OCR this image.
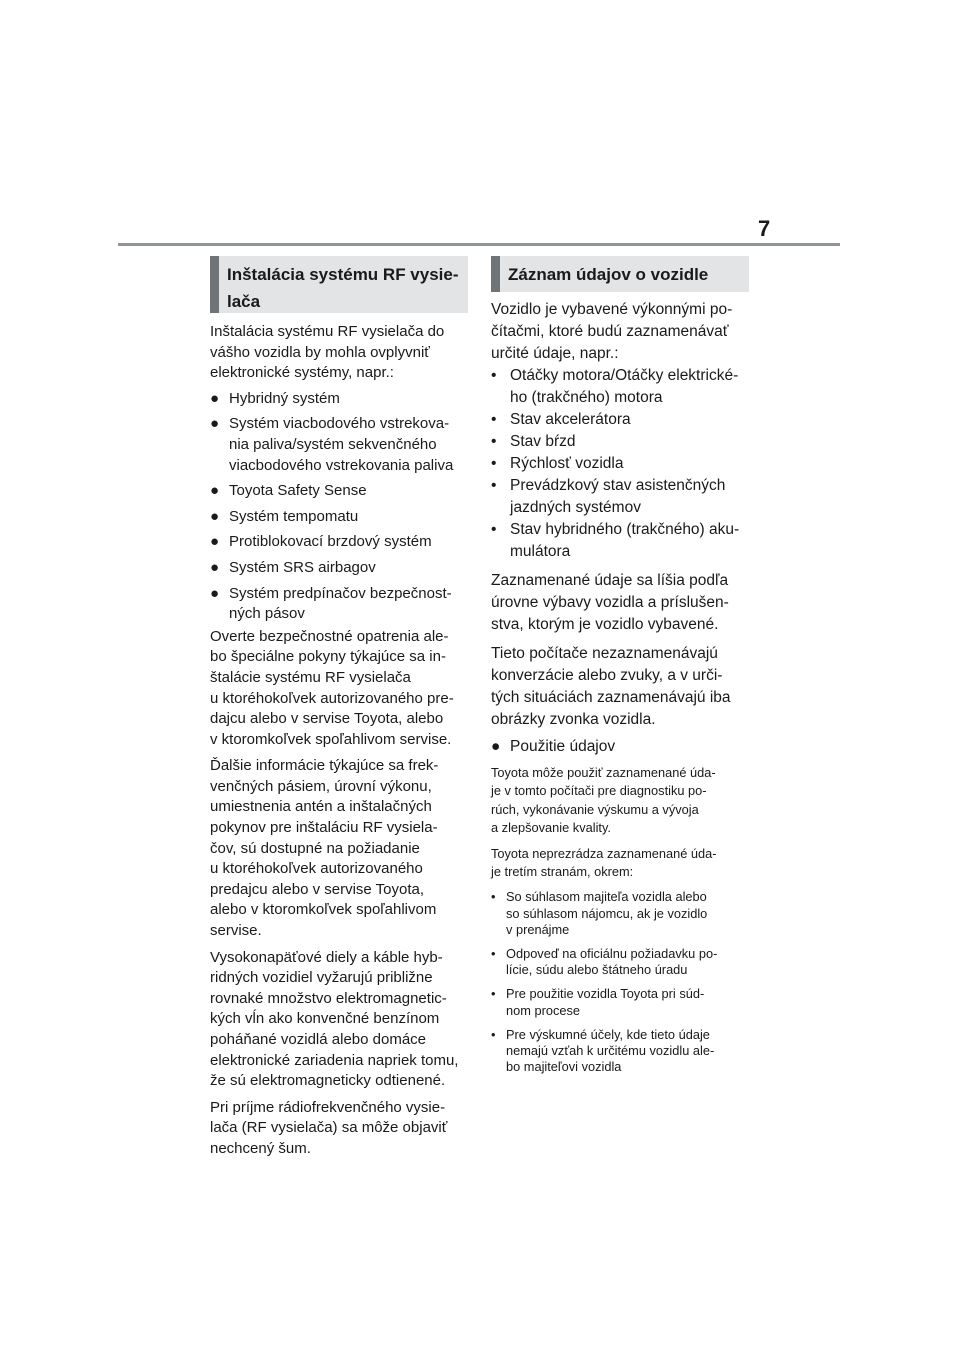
7
Inštalácia systému RF vysie-
lača

Inštalácia systému RF vysielača do

vášho vozidla by mohla ovplyvniť

elektronické systémy, napr.:

● Hybridný systém
● Systém viacbodového vstrekova-
nia paliva/systém sekvenčného
viacbodového vstrekovania paliva
● Toyota Safety Sense
● Systém tempomatu
● Protiblokovací brzdový systém
● Systém SRS airbagov
● Systém predpínačov bezpečnost-
ných pásov

Overte bezpečnostné opatrenia ale-

bo špeciálne pokyny týkajúce sa in-

štalácie systému RF vysielača

u ktoréhokoľvek autorizovaného pre-

dajcu alebo v servise Toyota, alebo

v ktoromkoľvek spoľahlivom servise.

Ďalšie informácie týkajúce sa frek-

venčných pásiem, úrovní výkonu,

umiestnenia antén a inštalačných

pokynov pre inštaláciu RF vysiela-

čov, sú dostupné na požiadanie

u ktoréhokoľvek autorizovaného

predajcu alebo v servise Toyota,

alebo v ktoromkoľvek spoľahlivom

servise.

Vysokonapäťové diely a káble hyb-

ridných vozidiel vyžarujú približne

rovnaké množstvo elektromagnetic-

kých vĺn ako konvenčné benzínom

poháňané vozidlá alebo domáce

elektronické zariadenia napriek tomu,

že sú elektromagneticky odtienené.

Pri príjme rádiofrekvenčného vysie-

lača (RF vysielača) sa môže objaviť

nechcený šum.

Záznam údajov o vozidle

Vozidlo je vybavené výkonnými po-

čítačmi, ktoré budú zaznamenávať

určité údaje, napr.:

• Otáčky motora/Otáčky elektrické-
ho (trakčného) motora
• Stav akcelerátora
• Stav bŕzd
• Rýchlosť vozidla
• Prevádzkový stav asistenčných
jazdných systémov
• Stav hybridného (trakčného) aku-
mulátora

Zaznamenané údaje sa líšia podľa

úrovne výbavy vozidla a príslušen-

stva, ktorým je vozidlo vybavené.

Tieto počítače nezaznamenávajú

konverzácie alebo zvuky, a v urči-

tých situáciách zaznamenávajú iba

obrázky zvonka vozidla.

● Použitie údajov

Toyota môže použiť zaznamenané úda-

je v tomto počítači pre diagnostiku po-

rúch, vykonávanie výskumu a vývoja

a zlepšovanie kvality.

Toyota neprezrádza zaznamenané úda-

je tretím stranám, okrem:

• So súhlasom majiteľa vozidla alebo
so súhlasom nájomcu, ak je vozidlo
v prenájme
• Odpoveď na oficiálnu požiadavku po-
lície, súdu alebo štátneho úradu
• Pre použitie vozidla Toyota pri súd-
nom procese
• Pre výskumné účely, kde tieto údaje
nemajú vzťah k určitému vozidlu ale-
bo majiteľovi vozidla
